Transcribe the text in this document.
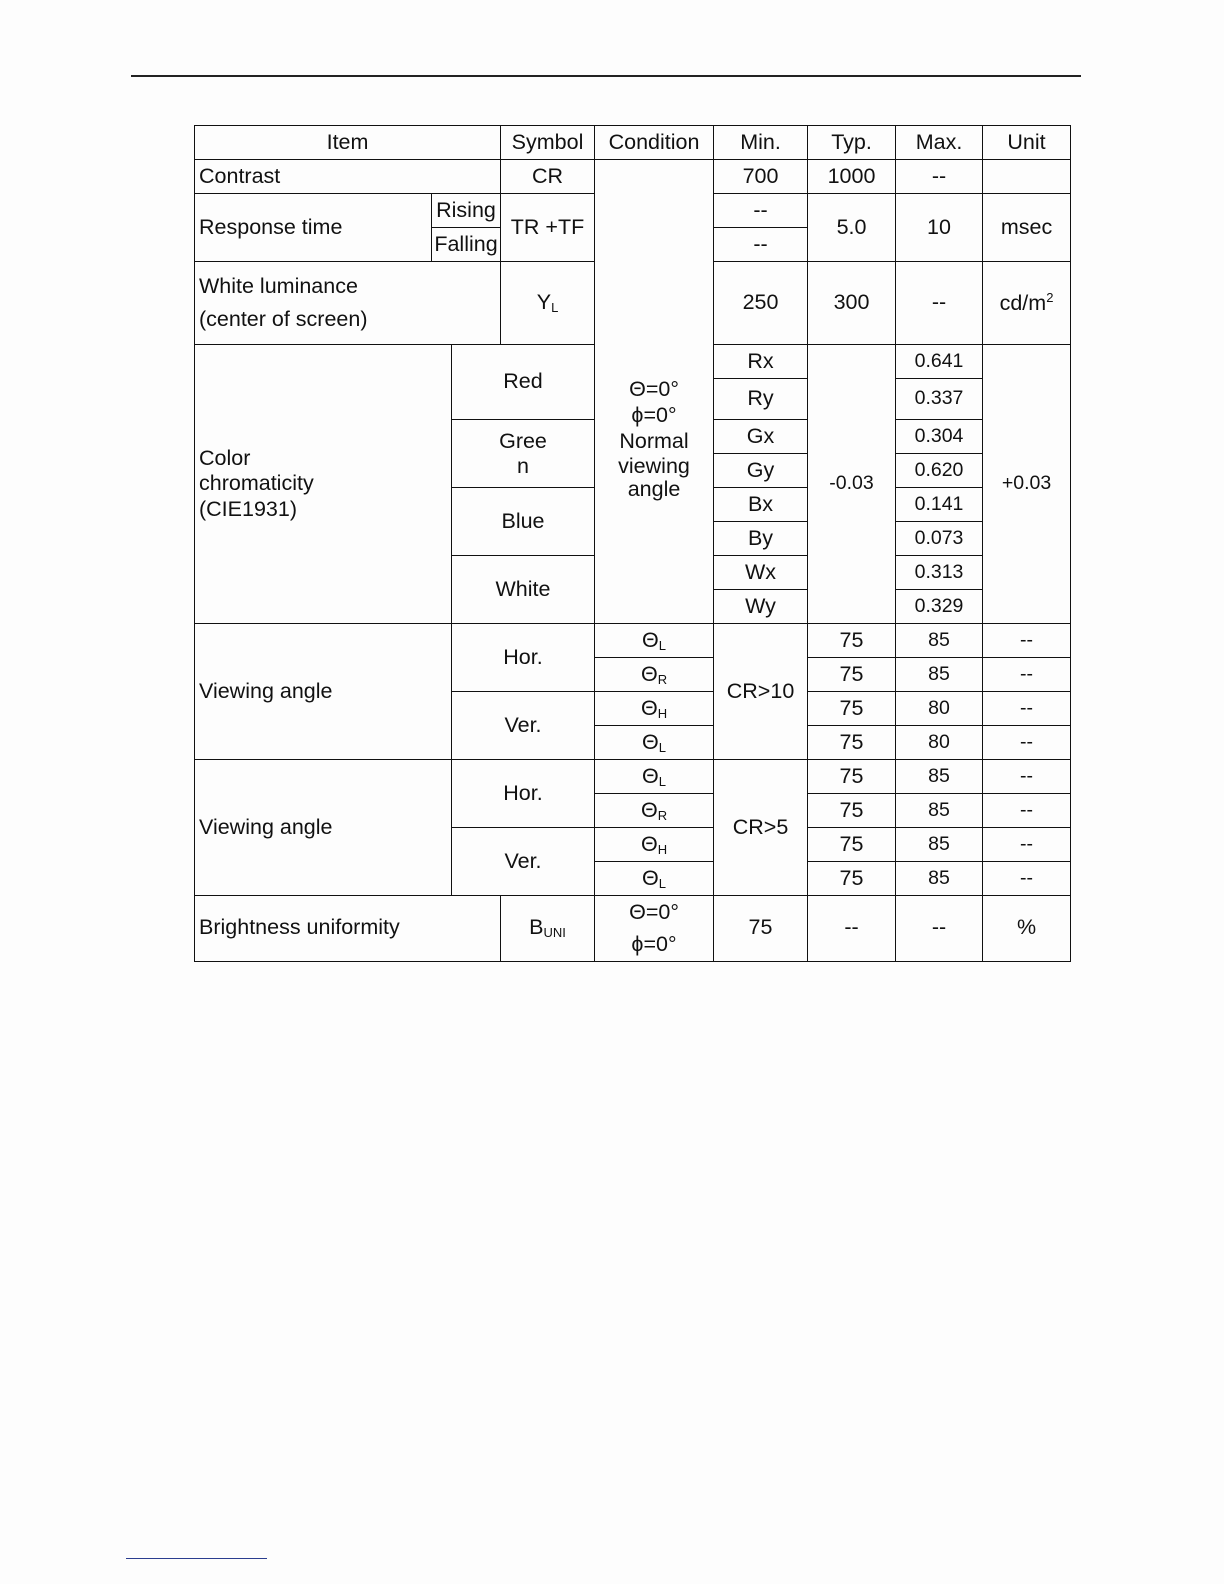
Item			Symbol	Condition	Min.	Typ.	Max.	Unit	
Contrast			CR	Θ=0°
ϕ=0°
Normal
viewing
angle	700	1000	--		
Response time	Rising		TR +TF		--	5.0	10	msec	
	Falling				--				

White luminance
(center of screen)			$Y_L$		250	300	--	$cd/m^2$

Color
chromaticity
(CIE1931)		Red			Rx	-0.03	0.641	+0.03	
					Ry		0.337		

		Gree
n			Gx		0.304		
					Gy		0.620		
		Blue			Bx		0.141		
					By		0.073		
		White			Wx		0.313		
					Wy		0.329		
Viewing angle		Hor.		$\Theta_L$	CR>10	75	85	--	
				$\Theta_R$		75	85	--	
		Ver.		$\Theta_H$		75	80	--	
				$\Theta_L$		75	80	--	
Viewing angle		Hor.		$\Theta_L$	CR>5	75	85	--	
				$\Theta_R$		75	85	--	
		Ver.		$\Theta_H$		75	85	--	
				$\Theta_L$		75	85	--	
Brightness uniformity			$B_{UNI}$	Θ=0°
ϕ=0°	75	--	--	%	
